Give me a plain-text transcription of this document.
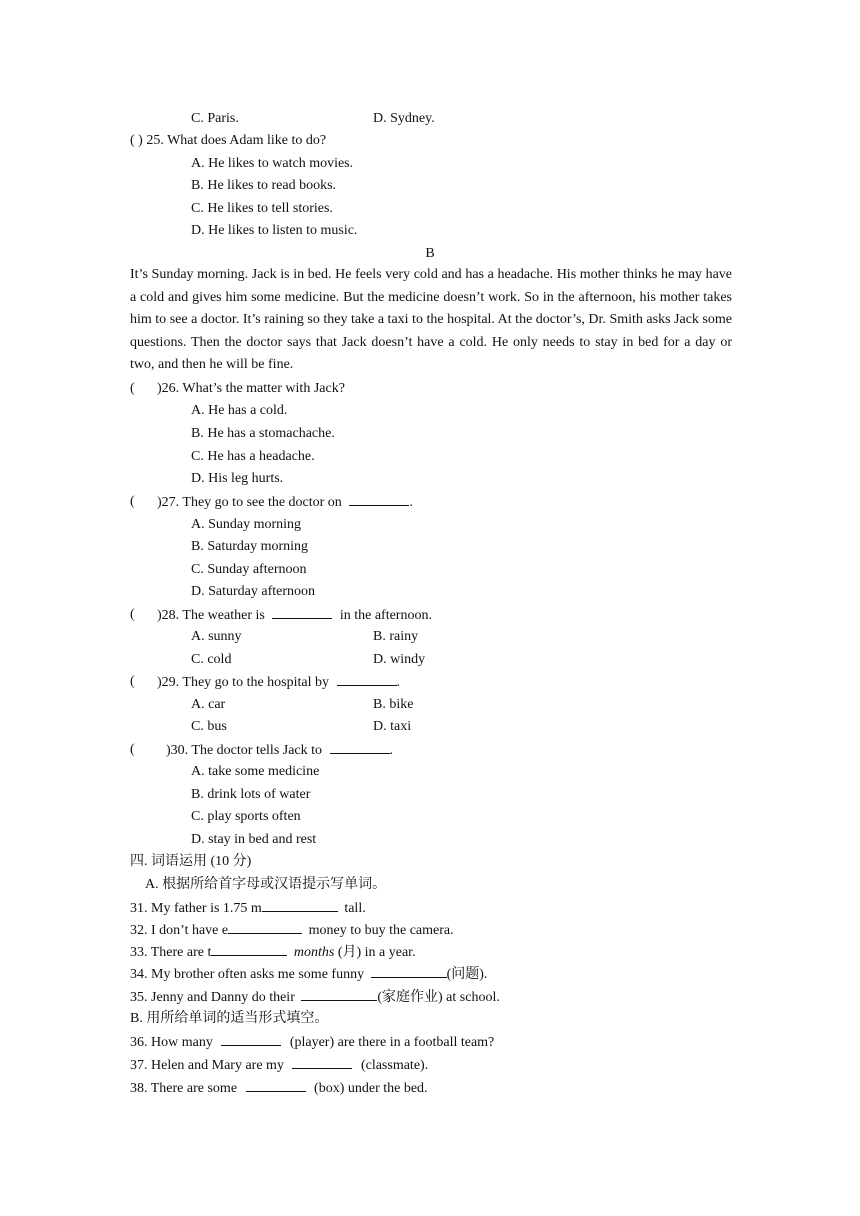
C. Paris.	D. Sydney.
( ) 25. What does Adam like to do?
A. He likes to watch movies.
B. He likes to read books.
C. He likes to tell stories.
D. He likes to listen to music.
B
It’s Sunday morning. Jack is in bed. He feels very cold and has a headache. His mother thinks he may have a cold and gives him some medicine. But the medicine doesn’t work. So in the afternoon, his mother takes him to see a doctor. It’s raining so they take a taxi to the hospital. At the doctor’s, Dr. Smith asks Jack some questions. Then the doctor says that Jack doesn’t have a cold. He only needs to stay in bed for a day or two, and then he will be fine.
( )26. What’s the matter with Jack?
A. He has a cold.
B. He has a stomachache.
C. He has a headache.
D. His leg hurts.
( )27. They go to see the doctor on	.
A. Sunday morning
B. Saturday morning
C. Sunday afternoon
D. Saturday afternoon
( )28. The weather is	in the afternoon.
A. sunny	B. rainy
C. cold	D. windy
( )29. They go to the hospital by	.
A. car	B. bike
C. bus	D. taxi
( )30. The doctor tells Jack to	.
A. take some medicine
B. drink lots of water
C. play sports often
D. stay in bed and rest
四. 词语运用 (10 分)
A. 根据所给首字母或汉语提示写单词。
31. My father is 1.75 m	tall.
32. I don’t have e	money to buy the camera.
33. There are t	months (月) in a year.
34. My brother often asks me some funny	(问题).
35. Jenny and Danny do their	(家庭作业) at school.
B. 用所给单词的适当形式填空。
36. How many	(player) are there in a football team?
37. Helen and Mary are my	(classmate).
38. There are some	(box) under the bed.
